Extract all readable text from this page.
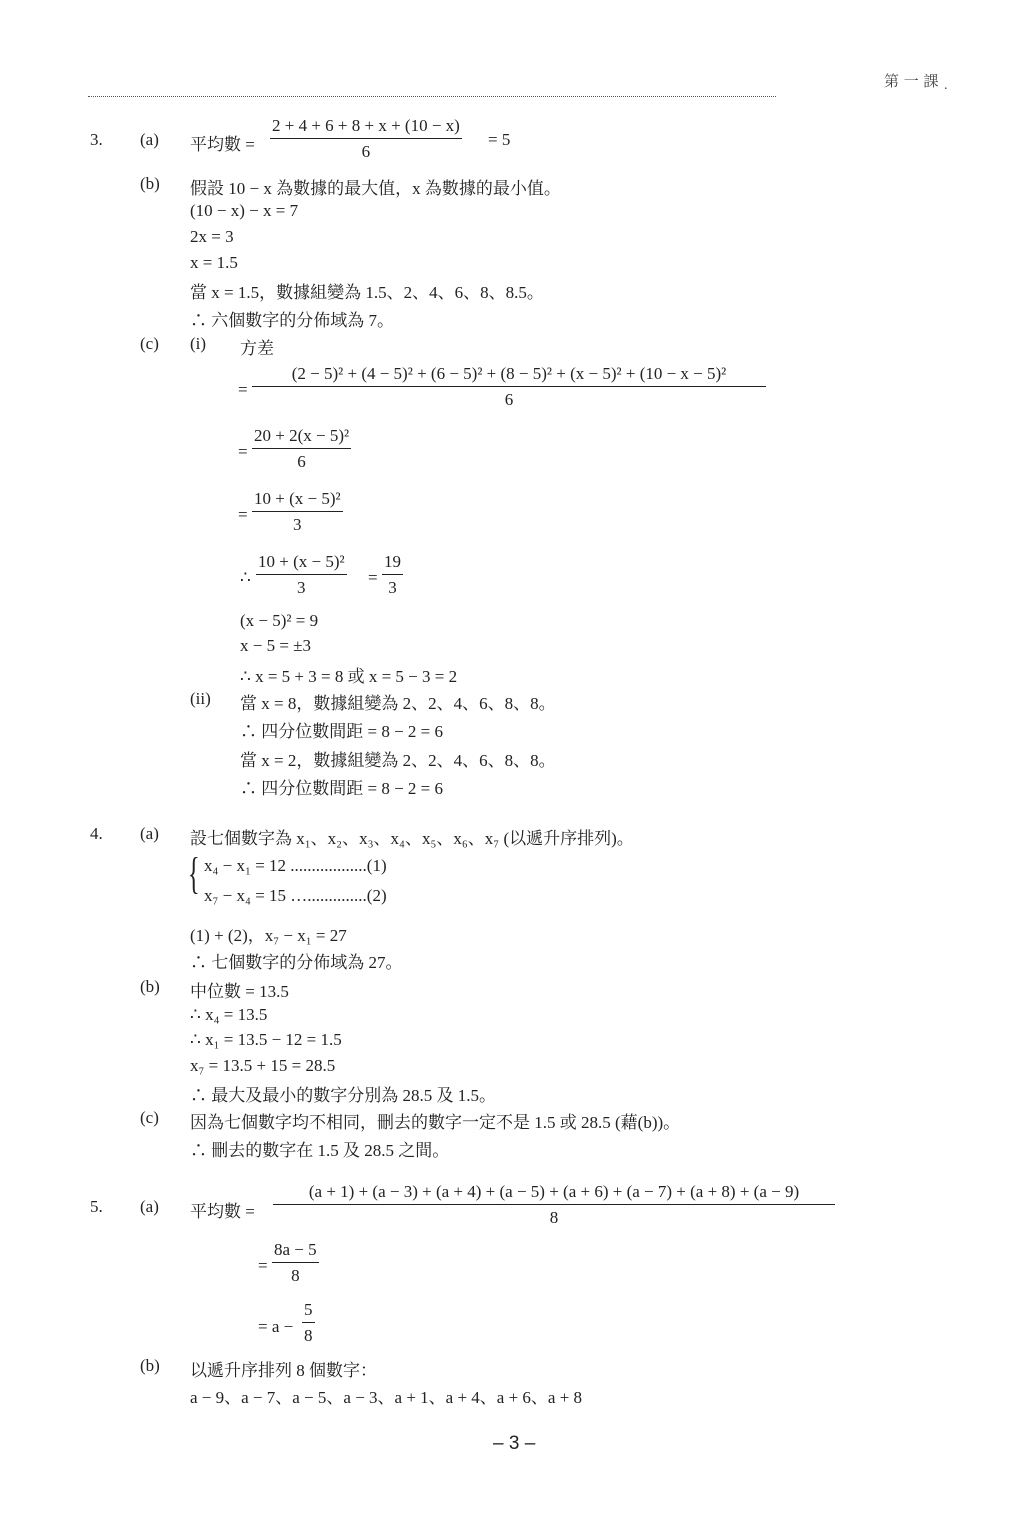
第 一 課 .
3. (a) 平均數 = $\frac{2 + 4 + 6 + 8 + x + (10 - x)}{6} = 5$
(b) 假設 10 − x 為數據的最大值，x 為數據的最小值。
(10 − x) − x = 7
2x = 3
x = 1.5
當 x = 1.5，數據組變為 1.5、2、4、6、8、8.5。
∴ 六個數字的分佈域為 7。
(c) (i) 方差
=
(2 − 5)² + (4 − 5)² + (6 − 5)² + (8 − 5)² + (x − 5)² + (10 − x − 5)²
6
= $\frac{\text{20 + 2(x − 5)²}}{6}$
= $\frac{\text{10 + (x − 5)²}}{3}$
∴ $\frac{\text{10 + (x − 5)²}}{3} = \frac{19}{3}$
(x − 5)² = 9
x − 5 = ±3
∴ x = 5 + 3 = 8 或 x = 5 − 3 = 2
(ii) 當 x = 8，數據組變為 2、2、4、6、8、8。
∴ 四分位數間距 = 8 − 2 = 6
當 x = 2，數據組變為 2、2、4、6、8、8。
∴ 四分位數間距 = 8 − 2 = 6
4. (a) 設七個數字為 x₁、x₂、x₃、x₄、x₅、x₆、x₇ (以遞升序排列)。
{ x₄ − x₁ = 12 ..................(1)
x₇ − x₄ = 15 …..............(2)
(1) + (2)，x₇ − x₁ = 27
∴ 七個數字的分佈域為 27。
(b) 中位數 = 13.5
∴ x₄ = 13.5
∴ x₁ = 13.5 − 12 = 1.5
x₇ = 13.5 + 15 = 28.5
∴ 最大及最小的數字分別為 28.5 及 1.5。
(c) 因為七個數字均不相同，刪去的數字一定不是 1.5 或 28.5 (藉(b))。
∴ 刪去的數字在 1.5 及 28.5 之間。
5. (a) 平均數 =
(a + 1) + (a − 3) + (a + 4) + (a − 5) + (a + 6) + (a − 7) + (a + 8) + (a − 9)
8
= $\frac{8a - 5}{8}$
= $a - \frac{5}{8}$
(b) 以遞升序排列 8 個數字：
a − 9、a − 7、a − 5、a − 3、a + 1、a + 4、a + 6、a + 8
– 3 –
